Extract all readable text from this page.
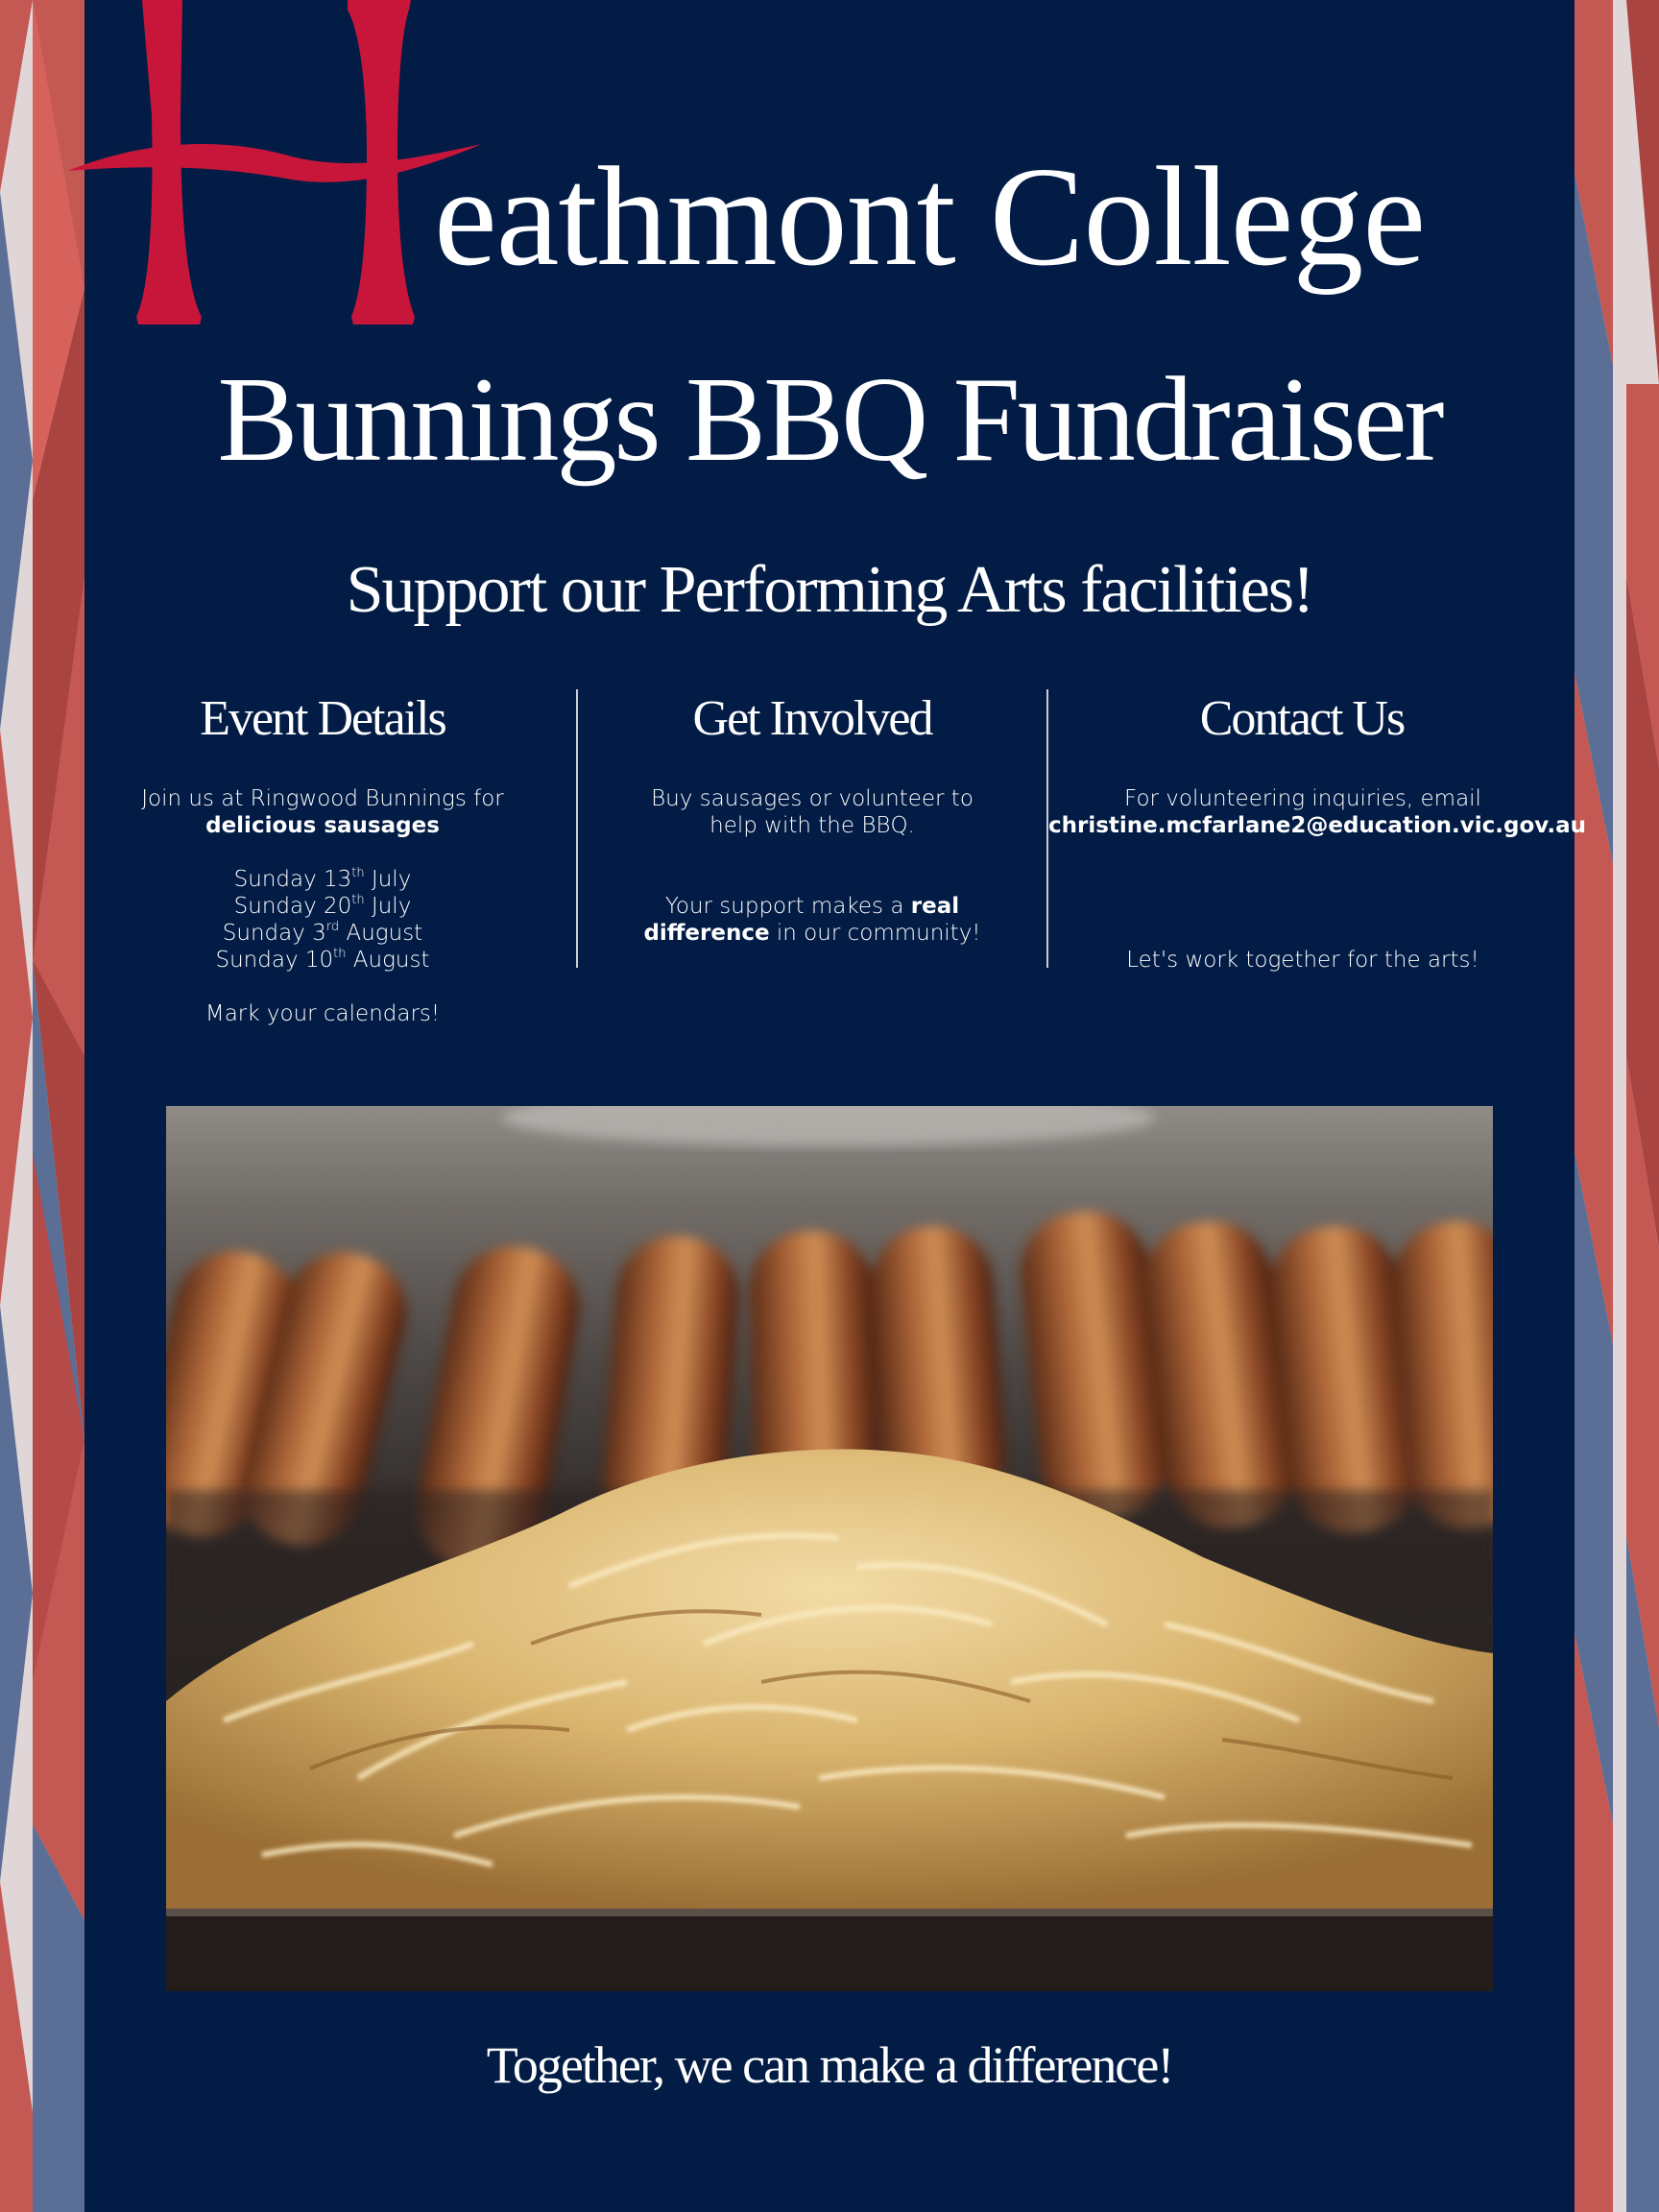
eathmont College
Bunnings BBQ Fundraiser
Support our Performing Arts facilities!
Event Details
Join us at Ringwood Bunnings for
delicious sausages
Sunday 13th July
Sunday 20th July
Sunday 3rd August
Sunday 10th August
Mark your calendars!
Get Involved
Buy sausages or volunteer to
help with the BBQ.
Your support makes a real
difference in our community!
Contact Us
For volunteering inquiries, email
christine.mcfarlane2@education.vic.gov.au
Let's work together for the arts!

Together, we can make a difference!
